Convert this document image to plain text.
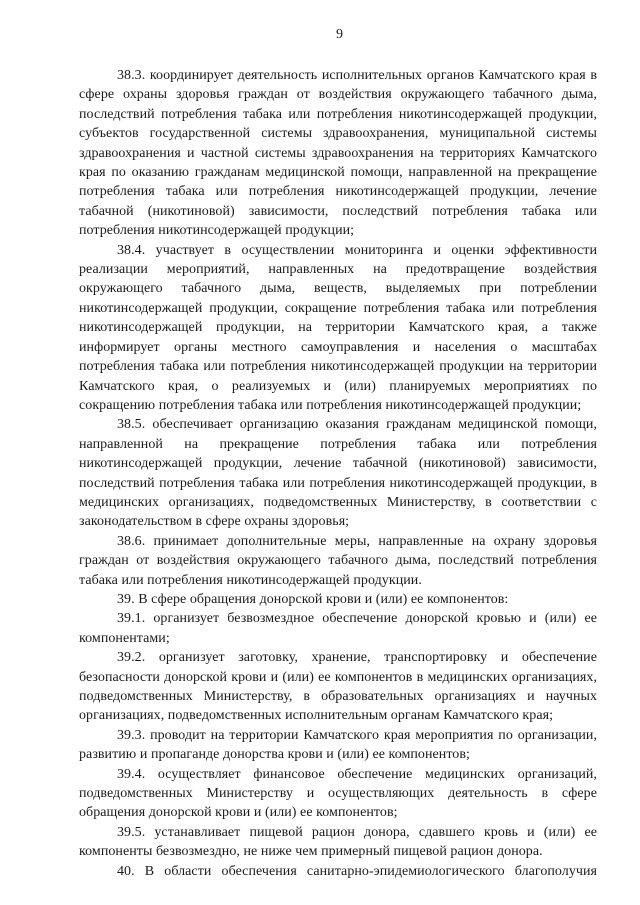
9

38.3. координирует деятельность исполнительных органов Камчатского края в сфере охраны здоровья граждан от воздействия окружающего табачного дыма, последствий потребления табака или потребления никотинсодержащей продукции, субъектов государственной системы здравоохранения, муниципальной системы здравоохранения и частной системы здравоохранения на территориях Камчатского края по оказанию гражданам медицинской помощи, направленной на прекращение потребления табака или потребления никотинсодержащей продукции, лечение табачной (никотиновой) зависимости, последствий потребления табака или потребления никотинсодержащей продукции;

38.4. участвует в осуществлении мониторинга и оценки эффективности реализации мероприятий, направленных на предотвращение воздействия окружающего табачного дыма, веществ, выделяемых при потреблении никотинсодержащей продукции, сокращение потребления табака или потребления никотинсодержащей продукции, на территории Камчатского края, а также информирует органы местного самоуправления и населения о масштабах потребления табака или потребления никотинсодержащей продукции на территории Камчатского края, о реализуемых и (или) планируемых мероприятиях по сокращению потребления табака или потребления никотинсодержащей продукции;

38.5. обеспечивает организацию оказания гражданам медицинской помощи, направленной на прекращение потребления табака или потребления никотинсодержащей продукции, лечение табачной (никотиновой) зависимости, последствий потребления табака или потребления никотинсодержащей продукции, в медицинских организациях, подведомственных Министерству, в соответствии с законодательством в сфере охраны здоровья;

38.6. принимает дополнительные меры, направленные на охрану здоровья граждан от воздействия окружающего табачного дыма, последствий потребления табака или потребления никотинсодержащей продукции.

39. В сфере обращения донорской крови и (или) ее компонентов:

39.1. организует безвозмездное обеспечение донорской кровью и (или) ее компонентами;

39.2. организует заготовку, хранение, транспортировку и обеспечение безопасности донорской крови и (или) ее компонентов в медицинских организациях, подведомственных Министерству, в образовательных организациях и научных организациях, подведомственных исполнительным органам Камчатского края;

39.3. проводит на территории Камчатского края мероприятия по организации, развитию и пропаганде донорства крови и (или) ее компонентов;

39.4. осуществляет финансовое обеспечение медицинских организаций, подведомственных Министерству и осуществляющих деятельность в сфере обращения донорской крови и (или) ее компонентов;

39.5. устанавливает пищевой рацион донора, сдавшего кровь и (или) ее компоненты безвозмездно, не ниже чем примерный пищевой рацион донора.

40. В области обеспечения санитарно-эпидемиологического благополучия
